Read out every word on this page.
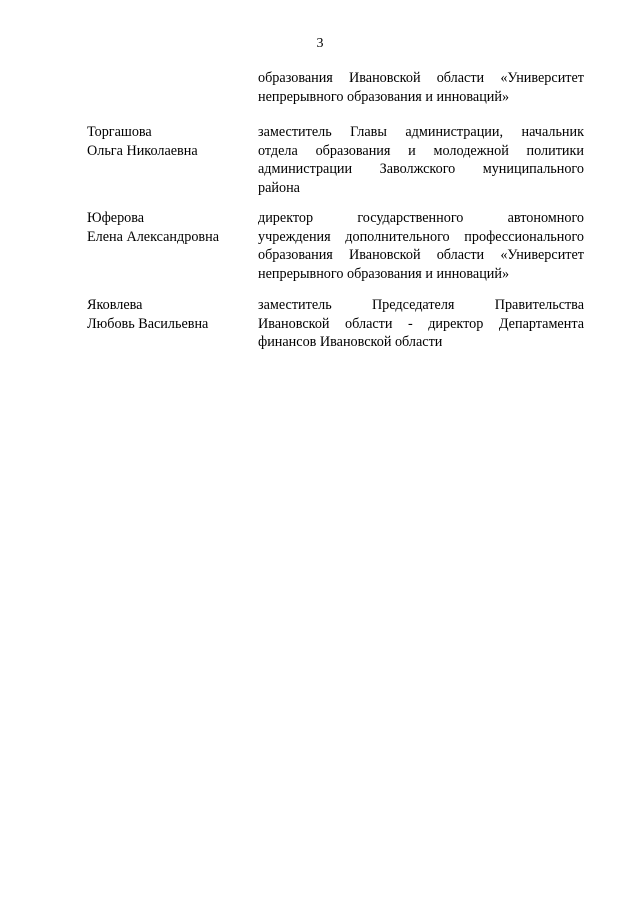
3
образования Ивановской области «Университет
непрерывного образования и инноваций»
Торгашова
Ольга Николаевна
заместитель Главы администрации, начальник
отдела образования и молодежной политики
администрации Заволжского муниципального
района
Юферова
Елена Александровна
директор государственного автономного
учреждения дополнительного профессионального
образования Ивановской области «Университет
непрерывного образования и инноваций»
Яковлева
Любовь Васильевна
заместитель Председателя Правительства
Ивановской области - директор Департамента
финансов Ивановской области
